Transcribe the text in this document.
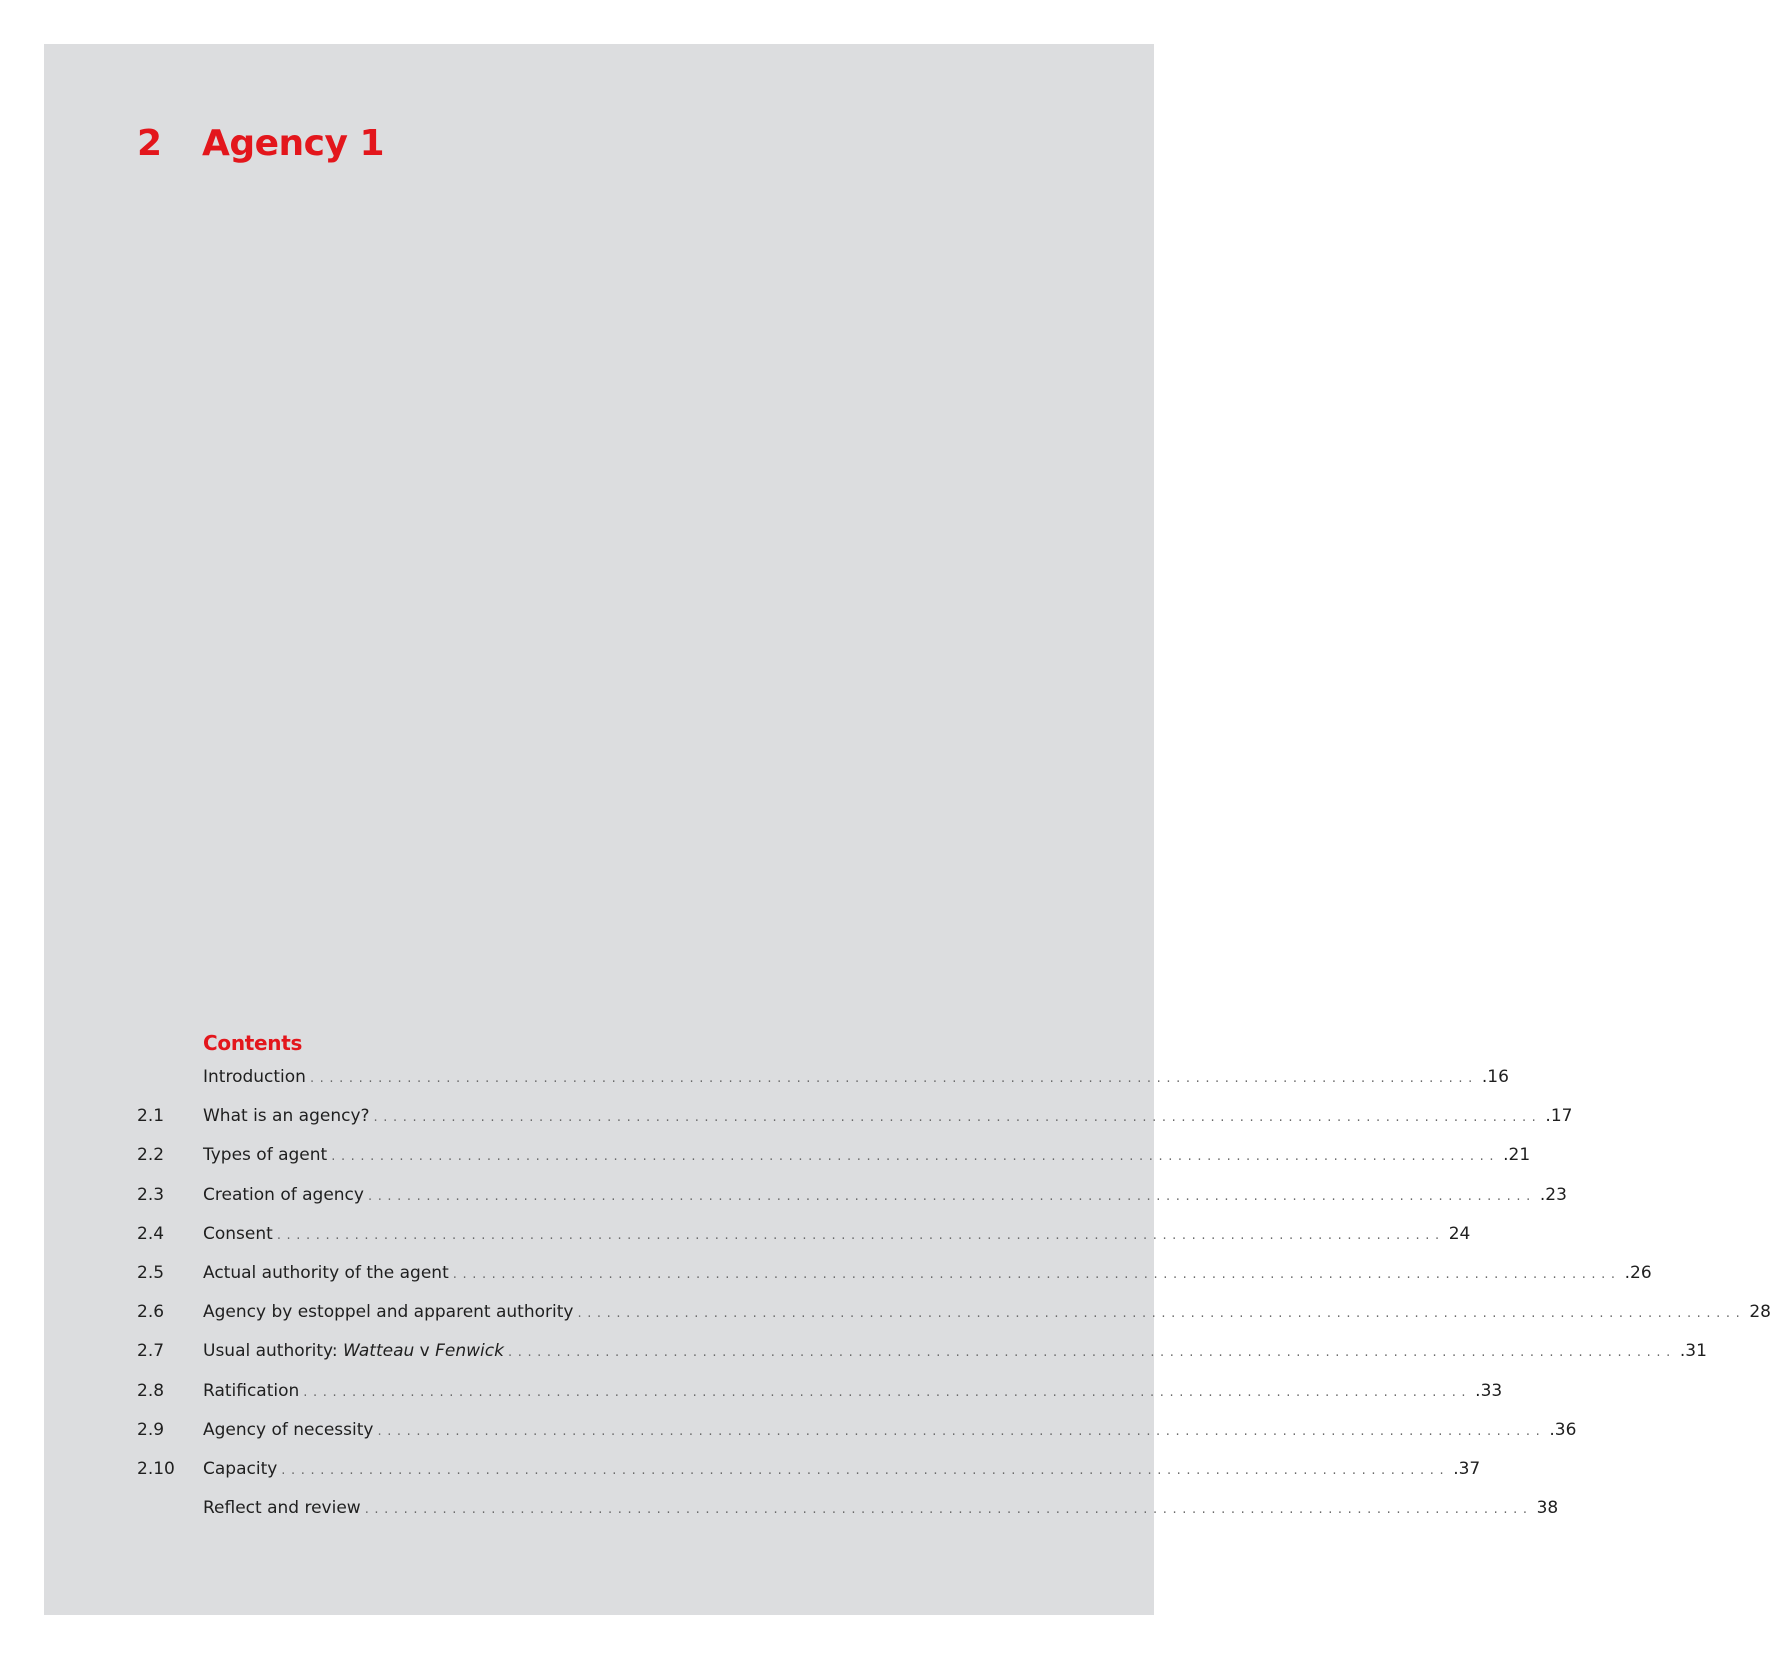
2	Agency 1
Contents
Introduction ........................................................................................................................ .16
2.1	What is an agency? ........................................................................................................................ .17
2.2	Types of agent ........................................................................................................................ .21
2.3	Creation of agency ........................................................................................................................ .23
2.4	Consent ........................................................................................................................ 24
2.5	Actual authority of the agent ........................................................................................................................ .26
2.6	Agency by estoppel and apparent authority ........................................................................................................................ 28
2.7	Usual authority: Watteau v Fenwick ........................................................................................................................ .31
2.8	Ratification ........................................................................................................................ .33
2.9	Agency of necessity ........................................................................................................................ .36
2.10	Capacity ........................................................................................................................ .37
Reflect and review ........................................................................................................................ 38
